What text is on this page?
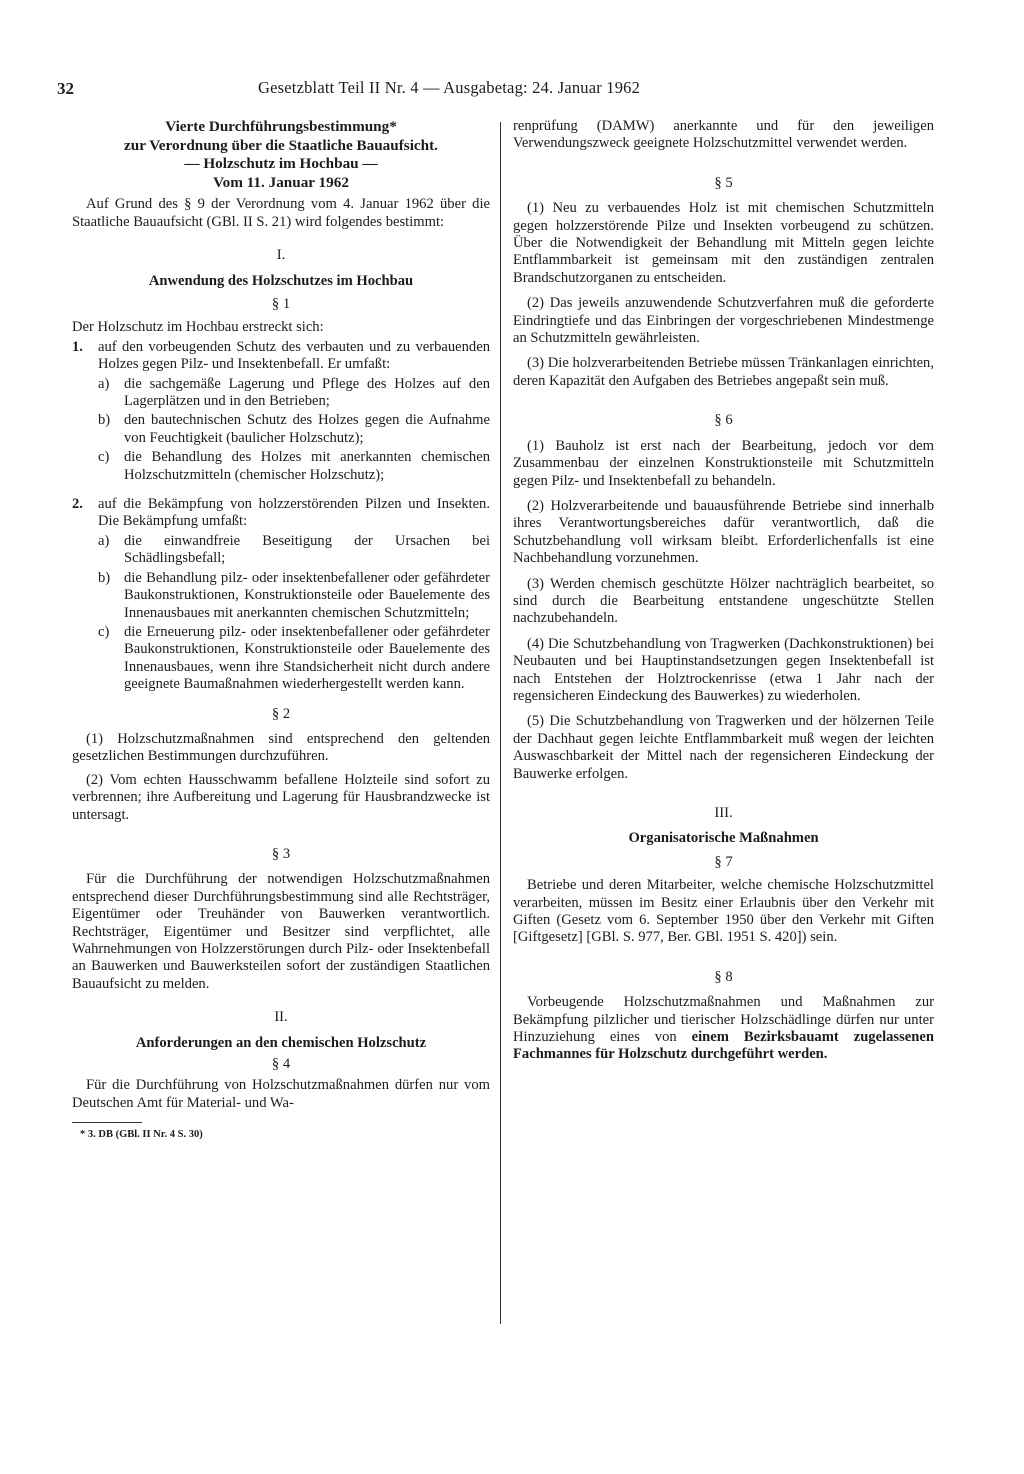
32	Gesetzblatt Teil II Nr. 4 — Ausgabetag: 24. Januar 1962

Vierte Durchführungsbestimmung*

zur Verordnung über die Staatliche Bauaufsicht.

— Holzschutz im Hochbau —

Vom 11. Januar 1962

Auf Grund des § 9 der Verordnung vom 4. Januar 1962 über die Staatliche Bauaufsicht (GBl. II S. 21) wird folgendes bestimmt:

I.

Anwendung des Holzschutzes im Hochbau

§ 1

Der Holzschutz im Hochbau erstreckt sich:

1.	auf den vorbeugenden Schutz des verbauten und zu verbauenden Holzes gegen Pilz- und Insektenbefall. Er umfaßt:
a)	die sachgemäße Lagerung und Pflege des Holzes auf den Lagerplätzen und in den Betrieben;
b) den bautechnischen Schutz des Holzes gegen die Aufnahme von Feuchtigkeit (baulicher Holzschutz);
c)	die Behandlung des Holzes mit anerkannten chemischen Holzschutzmitteln (chemischer Holzschutz);
2.	auf die Bekämpfung von holzzerstörenden Pilzen und Insekten. Die Bekämpfung umfaßt:
a)	die einwandfreie Beseitigung der Ursachen bei Schädlingsbefall;
b) die Behandlung pilz- oder insektenbefallener oder gefährdeter Baukonstruktionen, Konstruktionsteile oder Bauelemente des Innenausbaues mit anerkannten chemischen Schutzmitteln;
c)	die Erneuerung pilz- oder insektenbefallener oder gefährdeter Baukonstruktionen, Konstruktionsteile oder Bauelemente des Innenausbaues, wenn ihre Standsicherheit nicht durch andere geeignete Baumaßnahmen wiederhergestellt werden kann.

§ 2

(1) Holzschutzmaßnahmen sind entsprechend den geltenden gesetzlichen Bestimmungen durchzuführen.

(2) Vom echten Hausschwamm befallene Holzteile sind sofort zu verbrennen; ihre Aufbereitung und Lagerung für Hausbrandzwecke ist untersagt.

§ 3

Für die Durchführung der notwendigen Holzschutzmaßnahmen entsprechend dieser Durchführungsbestimmung sind alle Rechtsträger, Eigentümer oder Treuhänder von Bauwerken verantwortlich. Rechtsträger, Eigentümer und Besitzer sind verpflichtet, alle Wahrnehmungen von Holzzerstörungen durch Pilz- oder Insektenbefall an Bauwerken und Bauwerksteilen sofort der zuständigen Staatlichen Bauaufsicht zu melden.

II.

Anforderungen an den chemischen Holzschutz

§ 4

Für die Durchführung von Holzschutzmaßnahmen dürfen nur vom Deutschen Amt für Material- und Wa-

* 3. DB (GBl. II Nr. 4 S. 30)

renprüfung (DAMW) anerkannte und für den jeweiligen Verwendungszweck geeignete Holzschutzmittel verwendet werden.

§ 5

(1) Neu zu verbauendes Holz ist mit chemischen Schutzmitteln gegen holzzerstörende Pilze und Insekten vorbeugend zu schützen. Über die Notwendigkeit der Behandlung mit Mitteln gegen leichte Entflammbarkeit ist gemeinsam mit den zuständigen zentralen Brandschutzorganen zu entscheiden.

(2) Das jeweils anzuwendende Schutzverfahren muß die geforderte Eindringtiefe und das Einbringen der vorgeschriebenen Mindestmenge an Schutzmitteln gewährleisten.

(3) Die holzverarbeitenden Betriebe müssen Tränkanlagen einrichten, deren Kapazität den Aufgaben des Betriebes angepaßt sein muß.

§ 6

(1) Bauholz ist erst nach der Bearbeitung, jedoch vor dem Zusammenbau der einzelnen Konstruktionsteile mit Schutzmitteln gegen Pilz- und Insektenbefall zu behandeln.

(2) Holzverarbeitende und bauausführende Betriebe sind innerhalb ihres Verantwortungsbereiches dafür verantwortlich, daß die Schutzbehandlung voll wirksam bleibt. Erforderlichenfalls ist eine Nachbehandlung vorzunehmen.

(3) Werden chemisch geschützte Hölzer nachträglich bearbeitet, so sind durch die Bearbeitung entstandene ungeschützte Stellen nachzubehandeln.

(4) Die Schutzbehandlung von Tragwerken (Dachkonstruktionen) bei Neubauten und bei Hauptinstandsetzungen gegen Insektenbefall ist nach Entstehen der Holztrockenrisse (etwa 1 Jahr nach der regensicheren Eindeckung des Bauwerkes) zu wiederholen.

(5) Die Schutzbehandlung von Tragwerken und der hölzernen Teile der Dachhaut gegen leichte Entflammbarkeit muß wegen der leichten Auswaschbarkeit der Mittel nach der regensicheren Eindeckung der Bauwerke erfolgen.

III.

Organisatorische Maßnahmen

§ 7

Betriebe und deren Mitarbeiter, welche chemische Holzschutzmittel verarbeiten, müssen im Besitz einer Erlaubnis über den Verkehr mit Giften (Gesetz vom 6. September 1950 über den Verkehr mit Giften [Giftgesetz] [GBl. S. 977, Ber. GBl. 1951 S. 420]) sein.

§ 8

Vorbeugende Holzschutzmaßnahmen und Maßnahmen zur Bekämpfung pilzlicher und tierischer Holzschädlinge dürfen nur unter Hinzuziehung eines von einem Bezirksbauamt zugelassenen Fachmannes für Holzschutz durchgeführt werden.
